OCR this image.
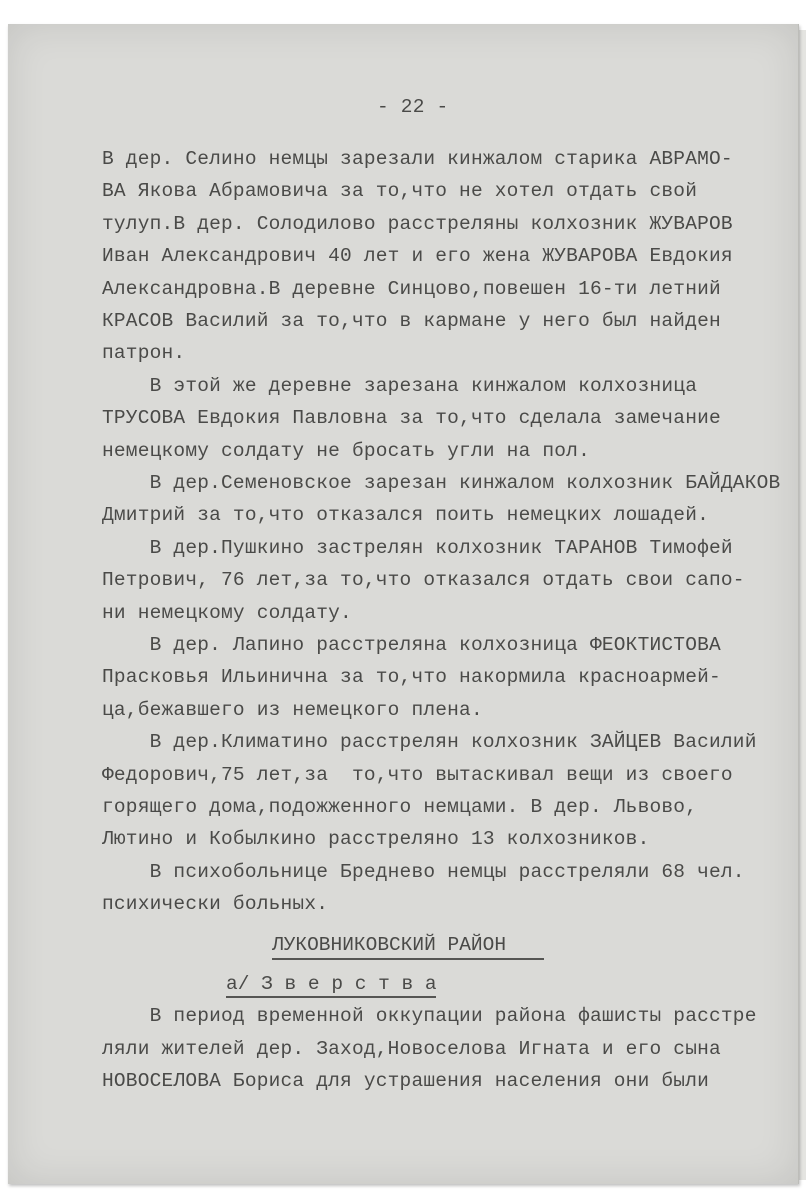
- 22 -
В дер. Селино немцы зарезали кинжалом старика АВРАМО-
ВА Якова Абрамовича за то,что не хотел отдать свой
тулуп.В дер. Солодилово расстреляны колхозник ЖУВАРОВ
Иван Александрович 40 лет и его жена ЖУВАРОВА Евдокия
Александровна.В деревне Синцово,повешен 16-ти летний
КРАСОВ Василий за то,что в кармане у него был найден
патрон.
В этой же деревне зарезана кинжалом колхозница
ТРУСОВА Евдокия Павловна за то,что сделала замечание
немецкому солдату не бросать угли на пол.
В дер.Семеновское зарезан кинжалом колхозник БАЙДАКОВ
Дмитрий за то,что отказался поить немецких лошадей.
В дер.Пушкино застрелян колхозник ТАРАНОВ Тимофей
Петрович, 76 лет,за то,что отказался отдать свои сапо-
ни немецкому солдату.
В дер. Лапино расстреляна колхозница ФЕОКТИСТОВА
Прасковья Ильинична за то,что накормила красноармей-
ца,бежавшего из немецкого плена.
В дер.Климатино расстрелян колхозник ЗАЙЦЕВ Василий
Федорович,75 лет,за  то,что вытаскивал вещи из своего
горящего дома,подожженного немцами. В дер. Львово,
Лютино и Кобылкино расстреляно 13 колхозников.
В психобольнице Бреднево немцы расстреляли 68 чел.
психически больных.
ЛУКОВНИКОВСКИЙ РАЙОН
а/ З в е р с т в а
В период временной оккупации района фашисты расстре
ляли жителей дер. Заход,Новоселова Игната и его сына
НОВОСЕЛОВА Бориса для устрашения населения они были
